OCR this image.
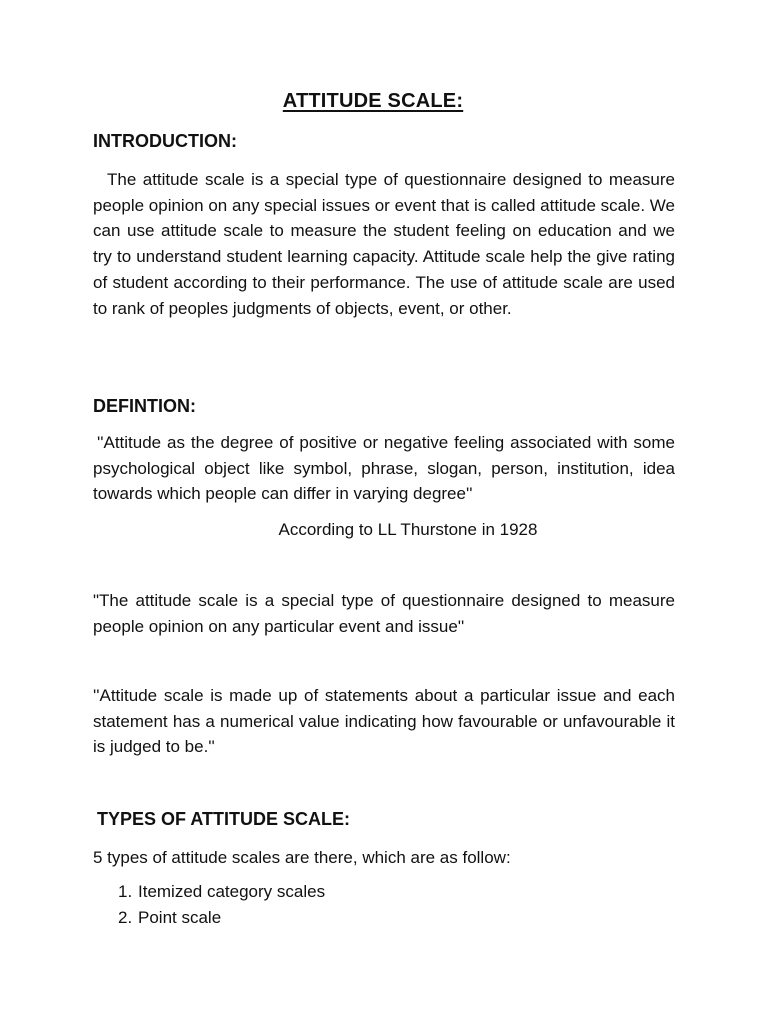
ATTITUDE SCALE:
INTRODUCTION:
The attitude scale is a special type of questionnaire designed to measure people opinion on any special issues or event that is called attitude scale. We can use attitude scale to measure the student feeling on education and we try to understand student learning capacity. Attitude scale help the give rating of student according to their performance. The use of attitude scale are used to rank of peoples judgments of objects, event, or other.
DEFINTION:
''Attitude as the degree of positive or negative feeling associated with some psychological object like symbol, phrase, slogan, person, institution, idea towards which people can differ in varying degree''
According to LL Thurstone in 1928
"The attitude scale is a special type of questionnaire designed to measure people opinion on any particular event and issue''
''Attitude scale is made up of statements about a particular issue and each statement has a numerical value indicating how favourable or unfavourable it is judged to be.''
TYPES OF ATTITUDE SCALE:
5 types of attitude scales are there, which are as follow:
1. Itemized category scales
2. Point scale
